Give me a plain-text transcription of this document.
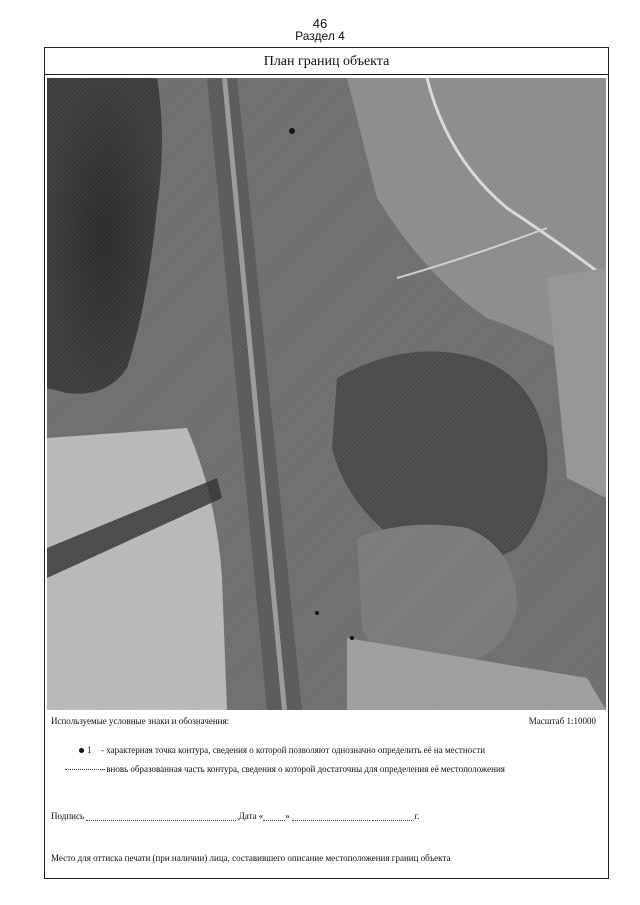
46
Раздел 4
План границ объекта
Используемые условные знаки и обозначения:	Масштаб 1:10000
1 - характерная точка контура, сведения о которой позволяют однозначно определить её на местности
- вновь образованная часть контура, сведения о которой достаточны для определения её местоположения
Подпись	Дата « »	г.
Место для оттиска печати (при наличии) лица, составившего описание местоположения границ объекта
